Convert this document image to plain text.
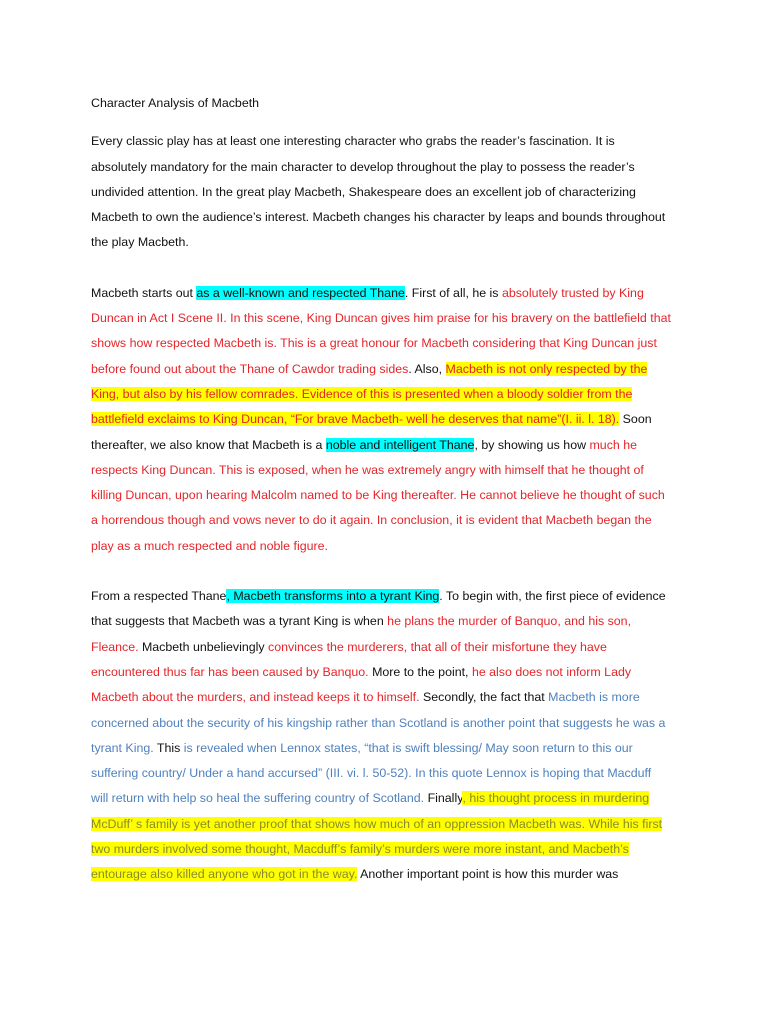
Character Analysis of Macbeth

Every classic play has at least one interesting character who grabs the reader’s fascination. It is absolutely mandatory for the main character to develop throughout the play to possess the reader’s undivided attention. In the great play Macbeth, Shakespeare does an excellent job of characterizing Macbeth to own the audience’s interest. Macbeth changes his character by leaps and bounds throughout the play Macbeth.

Macbeth starts out as a well-known and respected Thane. First of all, he is absolutely trusted by King Duncan in Act I Scene II. In this scene, King Duncan gives him praise for his bravery on the battlefield that shows how respected Macbeth is. This is a great honour for Macbeth considering that King Duncan just before found out about the Thane of Cawdor trading sides. Also, Macbeth is not only respected by the King, but also by his fellow comrades. Evidence of this is presented when a bloody soldier from the battlefield exclaims to King Duncan, “For brave Macbeth- well he deserves that name”(I. ii. l. 18). Soon thereafter, we also know that Macbeth is a noble and intelligent Thane, by showing us how much he respects King Duncan. This is exposed, when he was extremely angry with himself that he thought of killing Duncan, upon hearing Malcolm named to be King thereafter. He cannot believe he thought of such a horrendous though and vows never to do it again. In conclusion, it is evident that Macbeth began the play as a much respected and noble figure.

From a respected Thane, Macbeth transforms into a tyrant King. To begin with, the first piece of evidence that suggests that Macbeth was a tyrant King is when he plans the murder of Banquo, and his son, Fleance. Macbeth unbelievingly convinces the murderers, that all of their misfortune they have encountered thus far has been caused by Banquo. More to the point, he also does not inform Lady Macbeth about the murders, and instead keeps it to himself. Secondly, the fact that Macbeth is more concerned about the security of his kingship rather than Scotland is another point that suggests he was a tyrant King. This is revealed when Lennox states, “that is swift blessing/ May soon return to this our suffering country/ Under a hand accursed” (III. vi. l. 50-52). In this quote Lennox is hoping that Macduff will return with help so heal the suffering country of Scotland. Finally, his thought process in murdering McDuff’ s family is yet another proof that shows how much of an oppression Macbeth was. While his first two murders involved some thought, Macduff’s family’s murders were more instant, and Macbeth’s entourage also killed anyone who got in the way. Another important point is how this murder was
